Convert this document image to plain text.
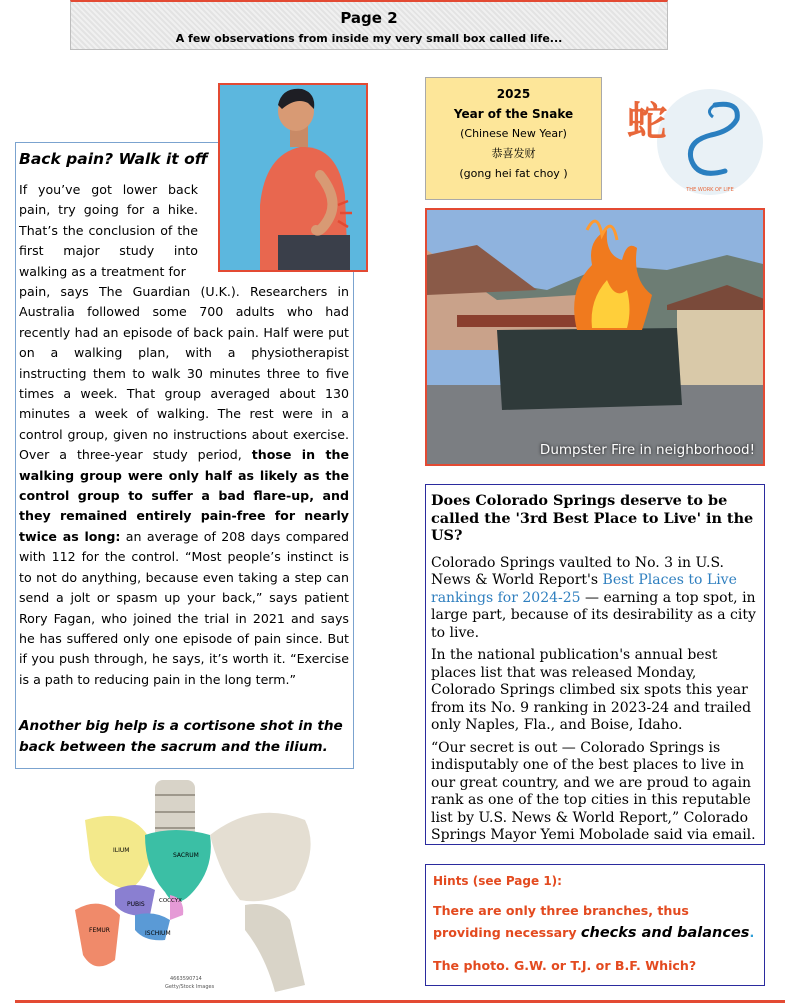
Page 2
A few observations from inside my very small box called life...
Back pain? Walk it off
If you’ve got lower back pain, try going for a hike. That’s the conclusion of the first major study into walking as a treatment for
pain, says The Guardian (U.K.). Researchers in Australia followed some 700 adults who had recently had an episode of back pain. Half were put on a walking plan, with a physiotherapist instructing them to walk 30 minutes three to five times a week. That group averaged about 130 minutes a week of walking. The rest were in a control group, given no instructions about exercise. Over a three-year study period, those in the walking group were only half as likely as the control group to suffer a bad flare-up, and they remained entirely pain-free for nearly twice as long: an average of 208 days compared with 112 for the control. “Most people’s instinct is to not do anything, because even taking a step can send a jolt or spasm up your back,” says patient Rory Fagan, who joined the trial in 2021 and says he has suffered only one episode of pain since. But if you push through, he says, it’s worth it. “Exercise is a path to reducing pain in the long term.”
Another big help is a cortisone shot in the back between the sacrum and the ilium.
2025
Year of the Snake
(Chinese New Year)
恭喜发财
(gong hei fat choy )
蛇
THE WORK OF LIFE
Dumpster Fire in neighborhood!
Does Colorado Springs deserve to be called the '3rd Best Place to Live' in the US?
Colorado Springs vaulted to No. 3 in U.S. News & World Report's Best Places to Live rankings for 2024-25 — earning a top spot, in large part, because of its desirability as a city to live.
In the national publication's annual best places list that was released Monday, Colorado Springs climbed six spots this year from its No. 9 ranking in 2023-24 and trailed only Naples, Fla., and Boise, Idaho.
“Our secret is out — Colorado Springs is indisputably one of the best places to live in our great country, and we are proud to again rank as one of the top cities in this reputable list by U.S. News & World Report,” Colorado Springs Mayor Yemi Mobolade said via email.
Hints (see Page 1):
There are only three branches, thus providing necessary checks and balances.
The photo. G.W. or T.J. or B.F. Which?
ILIUM
SACRUM
PUBIS	COCCYX
ISCHIUM
FEMUR
4663590714
Getty/Stock Images
